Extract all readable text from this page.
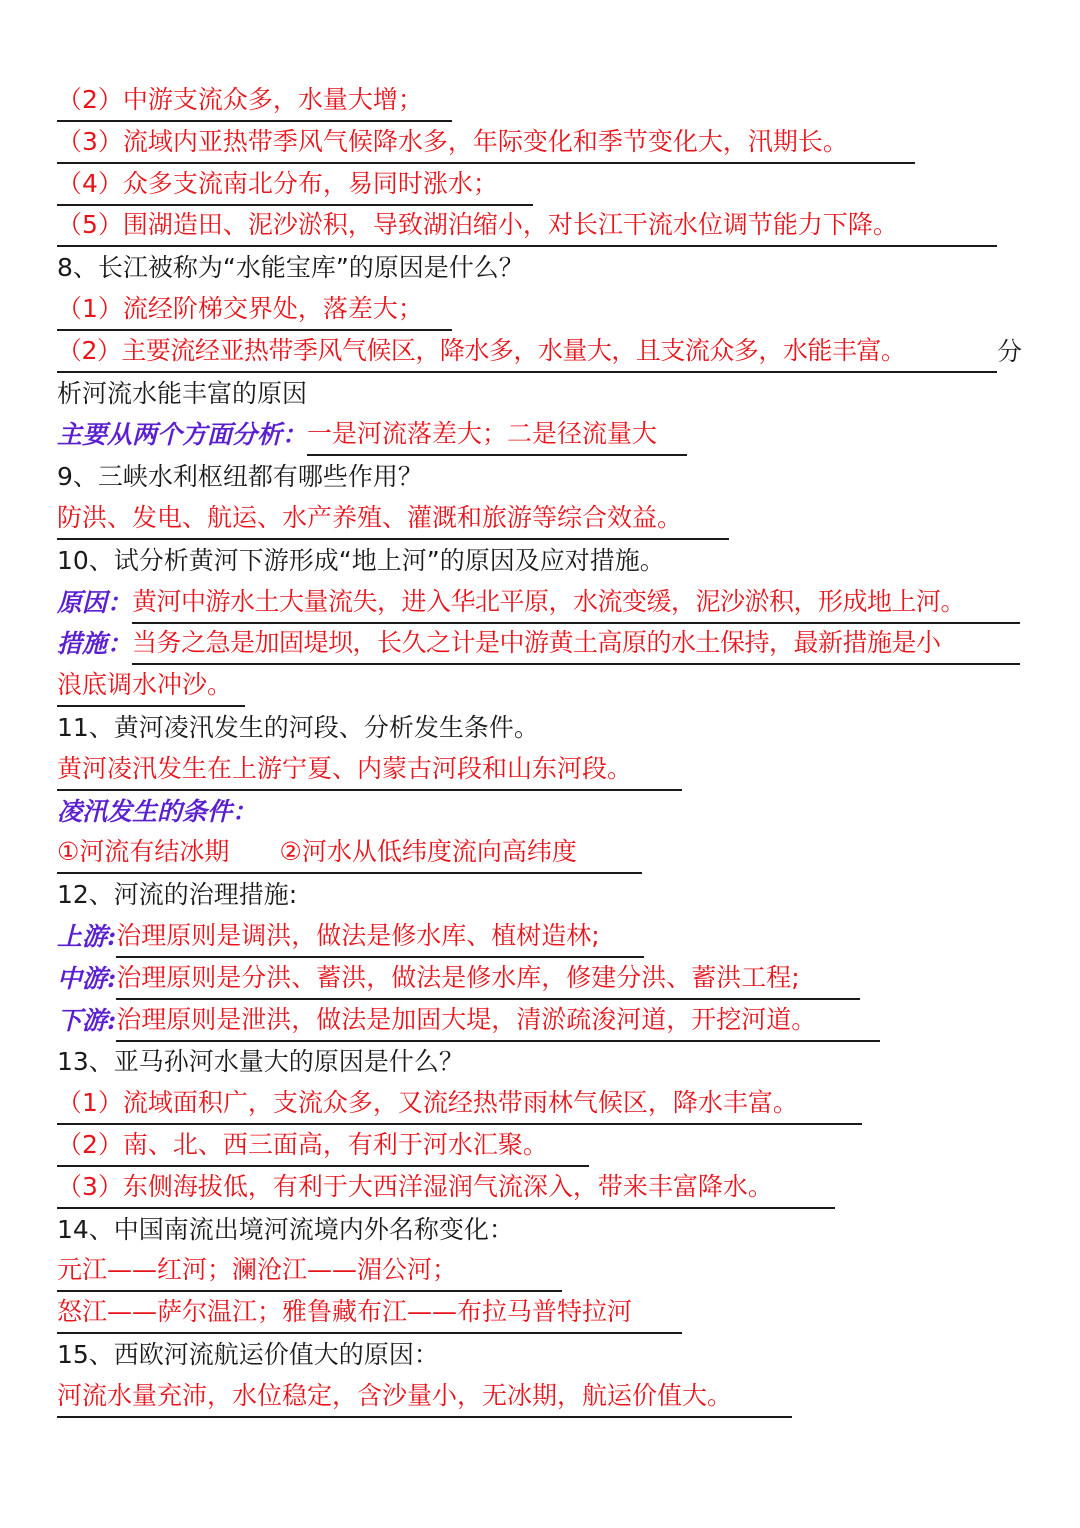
（2）中游支流众多，水量大增；
（3）流域内亚热带季风气候降水多，年际变化和季节变化大，汛期长。
（4）众多支流南北分布，易同时涨水；
（5）围湖造田、泥沙淤积，导致湖泊缩小，对长江干流水位调节能力下降。
8、长江被称为“水能宝库”的原因是什么？
（1）流经阶梯交界处，落差大；
（2）主要流经亚热带季风气候区，降水多，水量大，且支流众多，水能丰富。	分
析河流水能丰富的原因
主要从两个方面分析：一是河流落差大；二是径流量大
9、三峡水利枢纽都有哪些作用？
防洪、发电、航运、水产养殖、灌溉和旅游等综合效益。
10、试分析黄河下游形成“地上河”的原因及应对措施。
原因：黄河中游水土大量流失，进入华北平原，水流变缓，泥沙淤积，形成地上河。
措施：当务之急是加固堤坝，长久之计是中游黄土高原的水土保持，最新措施是小
浪底调水冲沙。
11、黄河凌汛发生的河段、分析发生条件。
黄河凌汛发生在上游宁夏、内蒙古河段和山东河段。
凌汛发生的条件：
①河流有结冰期　　②河水从低纬度流向高纬度
12、河流的治理措施:
上游:治理原则是调洪，做法是修水库、植树造林;
中游:治理原则是分洪、蓄洪，做法是修水库，修建分洪、蓄洪工程;
下游:治理原则是泄洪，做法是加固大堤，清淤疏浚河道，开挖河道。
13、亚马孙河水量大的原因是什么？
（1）流域面积广，支流众多，又流经热带雨林气候区，降水丰富。
（2）南、北、西三面高，有利于河水汇聚。
（3）东侧海拔低，有利于大西洋湿润气流深入，带来丰富降水。
14、中国南流出境河流境内外名称变化：
元江——红河；澜沧江——湄公河；
怒江——萨尔温江；雅鲁藏布江——布拉马普特拉河
15、西欧河流航运价值大的原因：
河流水量充沛，水位稳定，含沙量小，无冰期，航运价值大。
